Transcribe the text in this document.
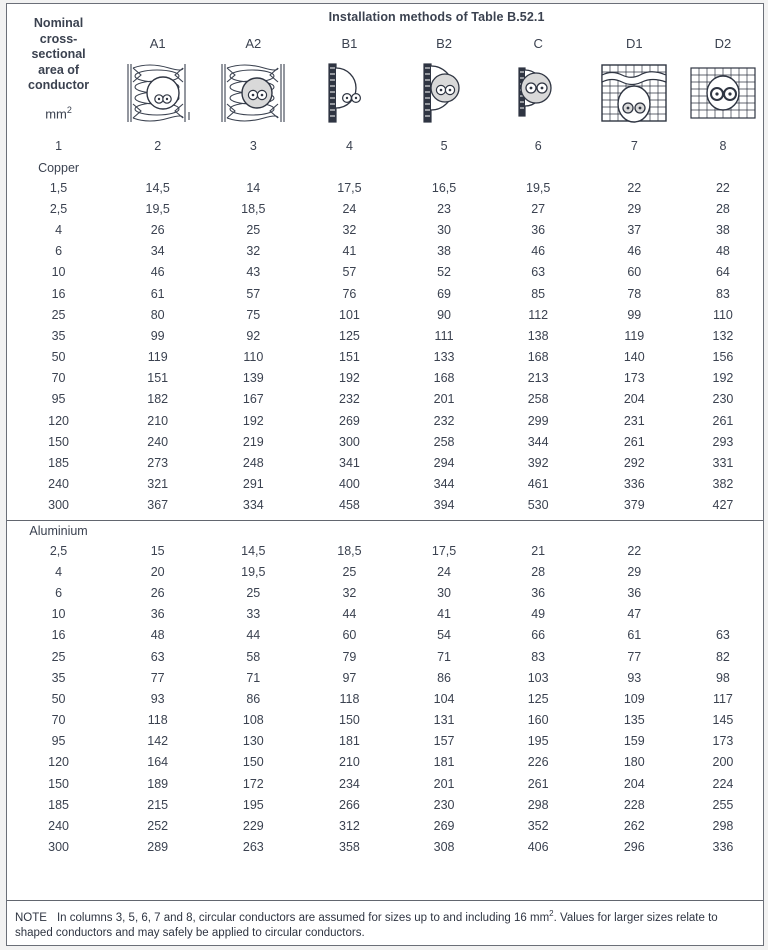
Nominal
cross-
sectional
area of
conductor
$mm^2$
	Installation methods of Table B.52.1
	A1	A2	B1	B2	C	D1	D2

1	2	3	4	5	6	7	8
Copper							
1,5	14,5	14	17,5	16,5	19,5	22	22
2,5	19,5	18,5	24	23	27	29	28
4	26	25	32	30	36	37	38
6	34	32	41	38	46	46	48
10	46	43	57	52	63	60	64
16	61	57	76	69	85	78	83
25	80	75	101	90	112	99	110
35	99	92	125	111	138	119	132
50	119	110	151	133	168	140	156
70	151	139	192	168	213	173	192
95	182	167	232	201	258	204	230
120	210	192	269	232	299	231	261
150	240	219	300	258	344	261	293
185	273	248	341	294	392	292	331
240	321	291	400	344	461	336	382
300	367	334	458	394	530	379	427
Aluminium							
2,5	15	14,5	18,5	17,5	21	22	
4	20	19,5	25	24	28	29	
6	26	25	32	30	36	36	
10	36	33	44	41	49	47	
16	48	44	60	54	66	61	63
25	63	58	79	71	83	77	82
35	77	71	97	86	103	93	98
50	93	86	118	104	125	109	117
70	118	108	150	131	160	135	145
95	142	130	181	157	195	159	173
120	164	150	210	181	226	180	200
150	189	172	234	201	261	204	224
185	215	195	266	230	298	228	255
240	252	229	312	269	352	262	298
300	289	263	358	308	406	296	336
NOTE In columns 3, 5, 6, 7 and 8, circular conductors are assumed for sizes up to and including 16 $mm^2$. Values for larger sizes relate to shaped conductors and may safely be applied to circular conductors.
